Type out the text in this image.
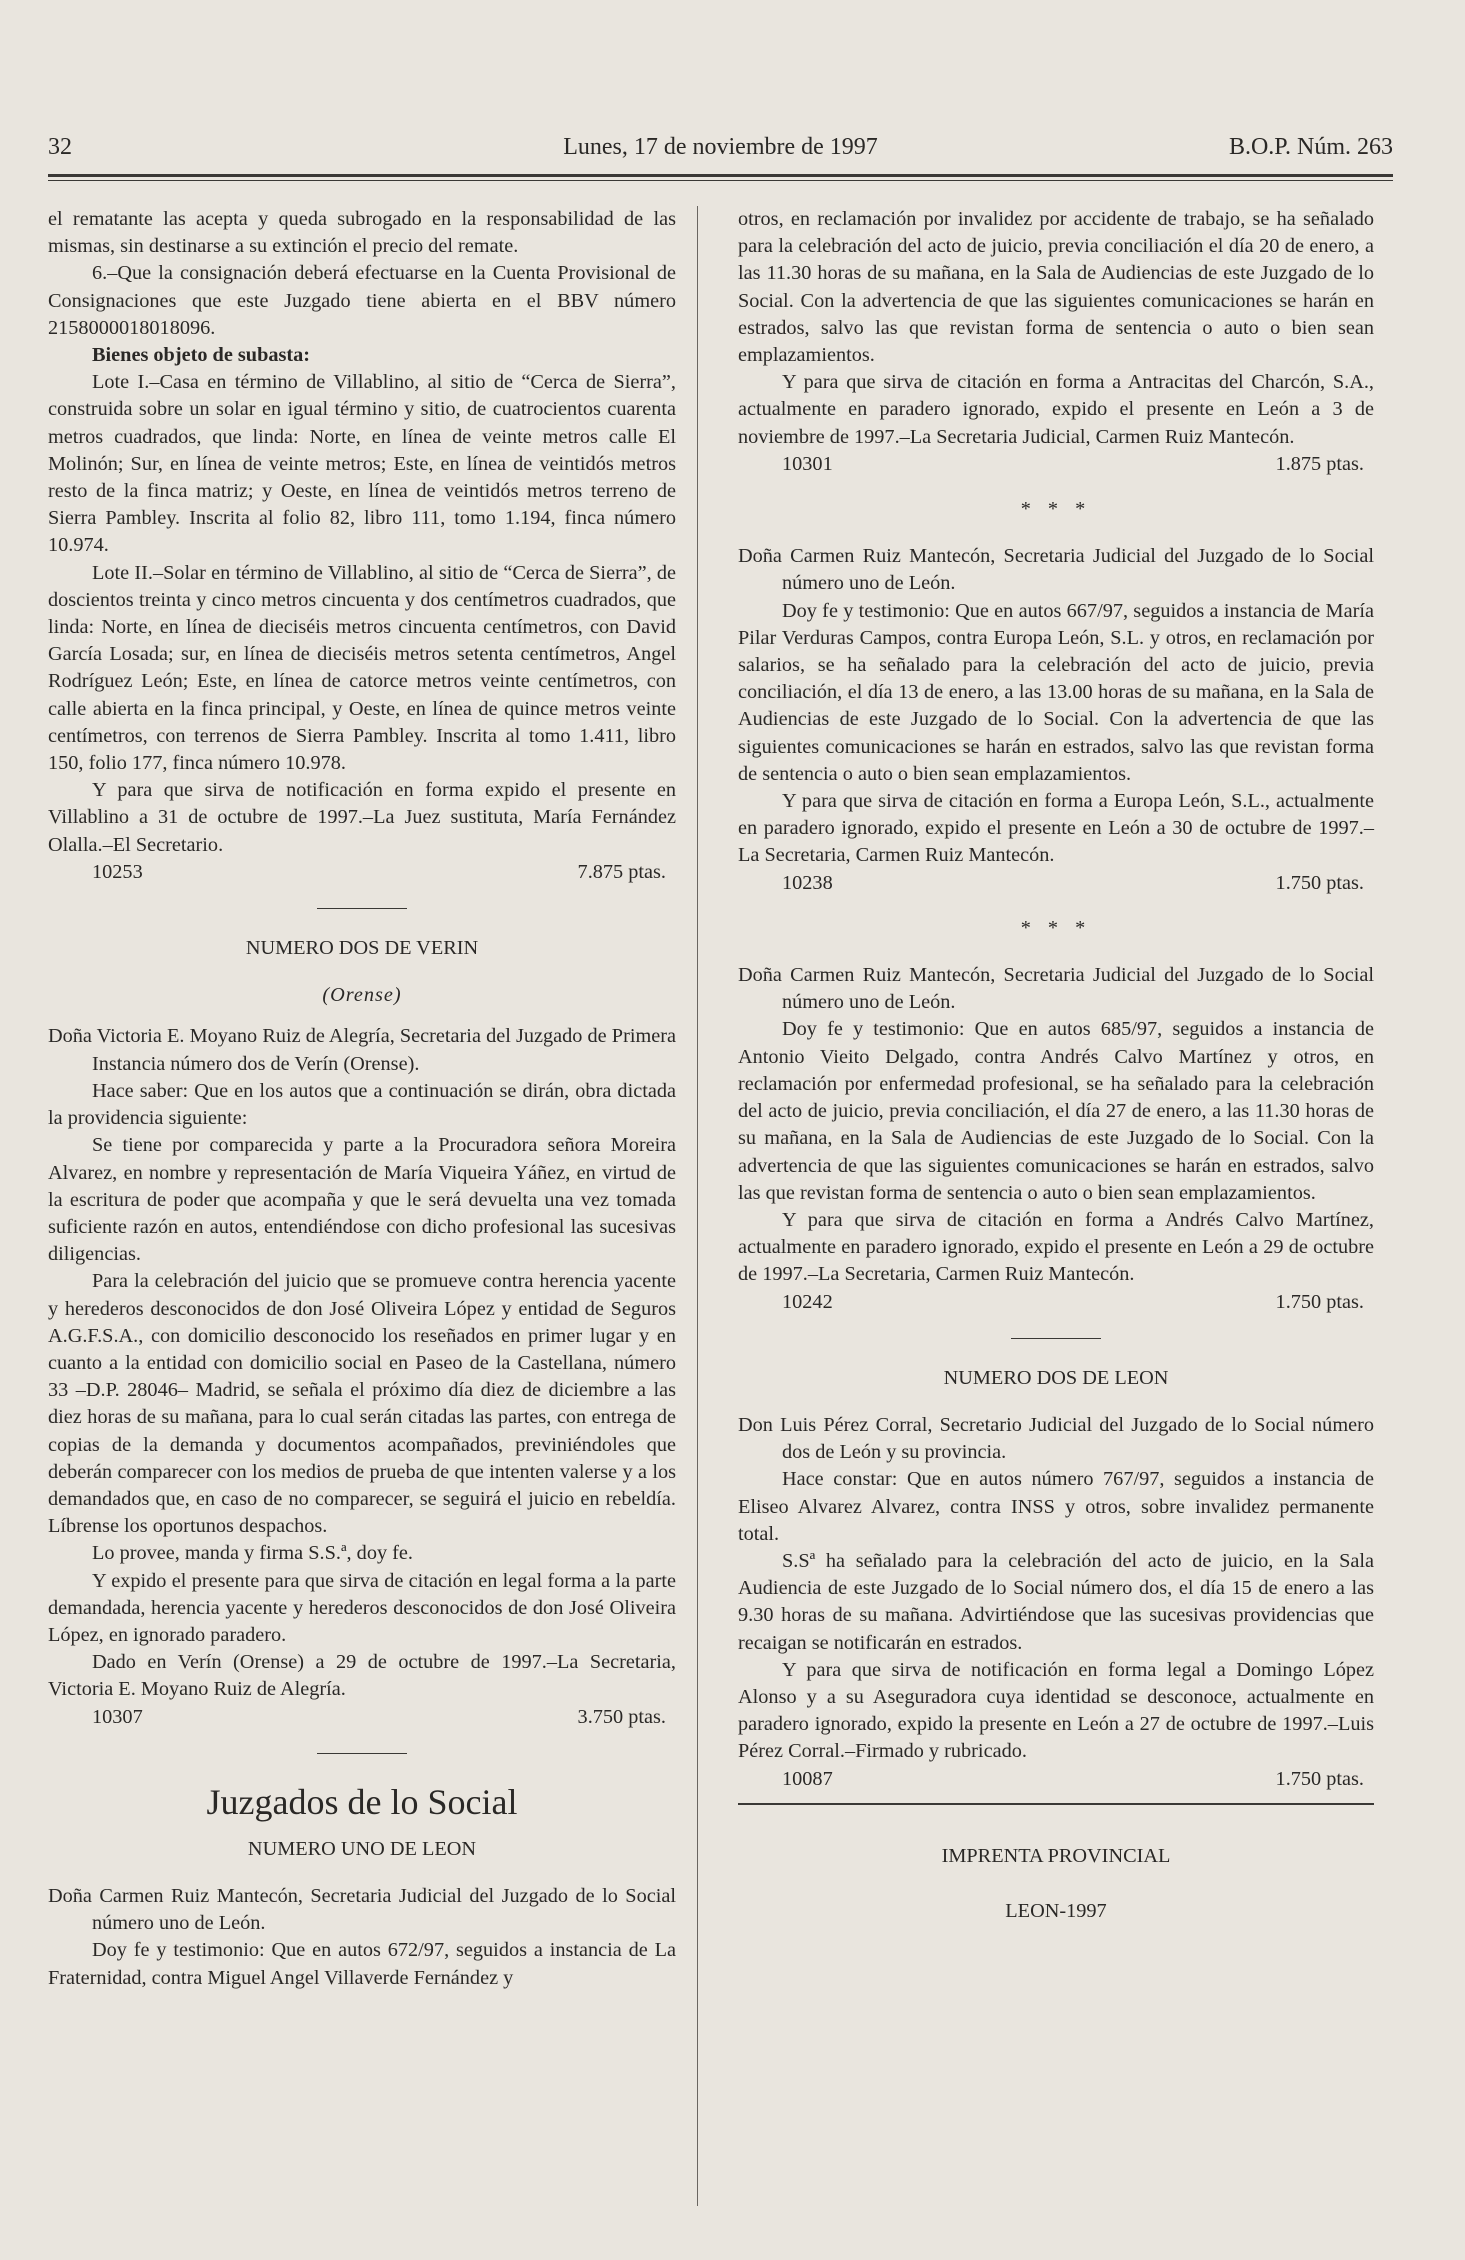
32	Lunes, 17 de noviembre de 1997	B.O.P. Núm. 263

el rematante las acepta y queda subrogado en la responsabilidad de las mismas, sin destinarse a su extinción el precio del remate.

6.–Que la consignación deberá efectuarse en la Cuenta Provisional de Consignaciones que este Juzgado tiene abierta en el BBV número 2158000018018096.

Bienes objeto de subasta:

Lote I.–Casa en término de Villablino, al sitio de “Cerca de Sierra”, construida sobre un solar en igual término y sitio, de cuatrocientos cuarenta metros cuadrados, que linda: Norte, en línea de veinte metros calle El Molinón; Sur, en línea de veinte metros; Este, en línea de veintidós metros resto de la finca matriz; y Oeste, en línea de veintidós metros terreno de Sierra Pambley. Inscrita al folio 82, libro 111, tomo 1.194, finca número 10.974.

Lote II.–Solar en término de Villablino, al sitio de “Cerca de Sierra”, de doscientos treinta y cinco metros cincuenta y dos centímetros cuadrados, que linda: Norte, en línea de dieciséis metros cincuenta centímetros, con David García Losada; sur, en línea de dieciséis metros setenta centímetros, Angel Rodríguez León; Este, en línea de catorce metros veinte centímetros, con calle abierta en la finca principal, y Oeste, en línea de quince metros veinte centímetros, con terrenos de Sierra Pambley. Inscrita al tomo 1.411, libro 150, folio 177, finca número 10.978.

Y para que sirva de notificación en forma expido el presente en Villablino a 31 de octubre de 1997.–La Juez sustituta, María Fernández Olalla.–El Secretario.

10253	7.875 ptas.

NUMERO DOS DE VERIN

(Orense)

Doña Victoria E. Moyano Ruiz de Alegría, Secretaria del Juzgado de Primera Instancia número dos de Verín (Orense).

Hace saber: Que en los autos que a continuación se dirán, obra dictada la providencia siguiente:

Se tiene por comparecida y parte a la Procuradora señora Moreira Alvarez, en nombre y representación de María Viqueira Yáñez, en virtud de la escritura de poder que acompaña y que le será devuelta una vez tomada suficiente razón en autos, entendiéndose con dicho profesional las sucesivas diligencias.

Para la celebración del juicio que se promueve contra herencia yacente y herederos desconocidos de don José Oliveira López y entidad de Seguros A.G.F.S.A., con domicilio desconocido los reseñados en primer lugar y en cuanto a la entidad con domicilio social en Paseo de la Castellana, número 33 –D.P. 28046– Madrid, se señala el próximo día diez de diciembre a las diez horas de su mañana, para lo cual serán citadas las partes, con entrega de copias de la demanda y documentos acompañados, previniéndoles que deberán comparecer con los medios de prueba de que intenten valerse y a los demandados que, en caso de no comparecer, se seguirá el juicio en rebeldía. Líbrense los oportunos despachos.

Lo provee, manda y firma S.S.ª, doy fe.

Y expido el presente para que sirva de citación en legal forma a la parte demandada, herencia yacente y herederos desconocidos de don José Oliveira López, en ignorado paradero.

Dado en Verín (Orense) a 29 de octubre de 1997.–La Secretaria, Victoria E. Moyano Ruiz de Alegría.

10307	3.750 ptas.

Juzgados de lo Social

NUMERO UNO DE LEON

Doña Carmen Ruiz Mantecón, Secretaria Judicial del Juzgado de lo Social número uno de León.

Doy fe y testimonio: Que en autos 672/97, seguidos a instancia de La Fraternidad, contra Miguel Angel Villaverde Fernández y

otros, en reclamación por invalidez por accidente de trabajo, se ha señalado para la celebración del acto de juicio, previa conciliación el día 20 de enero, a las 11.30 horas de su mañana, en la Sala de Audiencias de este Juzgado de lo Social. Con la advertencia de que las siguientes comunicaciones se harán en estrados, salvo las que revistan forma de sentencia o auto o bien sean emplazamientos.

Y para que sirva de citación en forma a Antracitas del Charcón, S.A., actualmente en paradero ignorado, expido el presente en León a 3 de noviembre de 1997.–La Secretaria Judicial, Carmen Ruiz Mantecón.

10301	1.875 ptas.

* * *

Doña Carmen Ruiz Mantecón, Secretaria Judicial del Juzgado de lo Social número uno de León.

Doy fe y testimonio: Que en autos 667/97, seguidos a instancia de María Pilar Verduras Campos, contra Europa León, S.L. y otros, en reclamación por salarios, se ha señalado para la celebración del acto de juicio, previa conciliación, el día 13 de enero, a las 13.00 horas de su mañana, en la Sala de Audiencias de este Juzgado de lo Social. Con la advertencia de que las siguientes comunicaciones se harán en estrados, salvo las que revistan forma de sentencia o auto o bien sean emplazamientos.

Y para que sirva de citación en forma a Europa León, S.L., actualmente en paradero ignorado, expido el presente en León a 30 de octubre de 1997.–La Secretaria, Carmen Ruiz Mantecón.

10238	1.750 ptas.

* * *

Doña Carmen Ruiz Mantecón, Secretaria Judicial del Juzgado de lo Social número uno de León.

Doy fe y testimonio: Que en autos 685/97, seguidos a instancia de Antonio Vieito Delgado, contra Andrés Calvo Martínez y otros, en reclamación por enfermedad profesional, se ha señalado para la celebración del acto de juicio, previa conciliación, el día 27 de enero, a las 11.30 horas de su mañana, en la Sala de Audiencias de este Juzgado de lo Social. Con la advertencia de que las siguientes comunicaciones se harán en estrados, salvo las que revistan forma de sentencia o auto o bien sean emplazamientos.

Y para que sirva de citación en forma a Andrés Calvo Martínez, actualmente en paradero ignorado, expido el presente en León a 29 de octubre de 1997.–La Secretaria, Carmen Ruiz Mantecón.

10242	1.750 ptas.

NUMERO DOS DE LEON

Don Luis Pérez Corral, Secretario Judicial del Juzgado de lo Social número dos de León y su provincia.

Hace constar: Que en autos número 767/97, seguidos a instancia de Eliseo Alvarez Alvarez, contra INSS y otros, sobre invalidez permanente total.

S.Sª ha señalado para la celebración del acto de juicio, en la Sala Audiencia de este Juzgado de lo Social número dos, el día 15 de enero a las 9.30 horas de su mañana. Advirtiéndose que las sucesivas providencias que recaigan se notificarán en estrados.

Y para que sirva de notificación en forma legal a Domingo López Alonso y a su Aseguradora cuya identidad se desconoce, actualmente en paradero ignorado, expido la presente en León a 27 de octubre de 1997.–Luis Pérez Corral.–Firmado y rubricado.

10087	1.750 ptas.

IMPRENTA PROVINCIAL

LEON-1997
